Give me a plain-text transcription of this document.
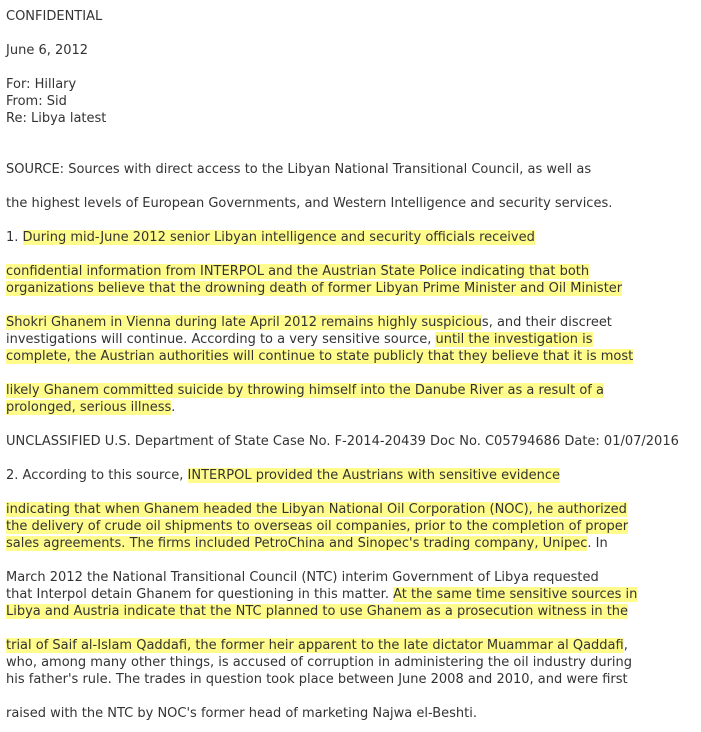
CONFIDENTIAL
June 6, 2012
For: Hillary
From: Sid
Re: Libya latest
SOURCE: Sources with direct access to the Libyan National Transitional Council, as well as
the highest levels of European Governments, and Western Intelligence and security services.
1. During mid-June 2012 senior Libyan intelligence and security officials received
confidential information from INTERPOL and the Austrian State Police indicating that both
organizations believe that the drowning death of former Libyan Prime Minister and Oil Minister
Shokri Ghanem in Vienna during late April 2012 remains highly suspicious, and their discreet
investigations will continue. According to a very sensitive source, until the investigation is
complete, the Austrian authorities will continue to state publicly that they believe that it is most
likely Ghanem committed suicide by throwing himself into the Danube River as a result of a
prolonged, serious illness.
UNCLASSIFIED U.S. Department of State Case No. F-2014-20439 Doc No. C05794686 Date: 01/07/2016
2. According to this source, INTERPOL provided the Austrians with sensitive evidence
indicating that when Ghanem headed the Libyan National Oil Corporation (NOC), he authorized
the delivery of crude oil shipments to overseas oil companies, prior to the completion of proper
sales agreements. The firms included PetroChina and Sinopec's trading company, Unipec. In
March 2012 the National Transitional Council (NTC) interim Government of Libya requested
that Interpol detain Ghanem for questioning in this matter. At the same time sensitive sources in
Libya and Austria indicate that the NTC planned to use Ghanem as a prosecution witness in the
trial of Saif al-Islam Qaddafi, the former heir apparent to the late dictator Muammar al Qaddafi,
who, among many other things, is accused of corruption in administering the oil industry during
his father's rule. The trades in question took place between June 2008 and 2010, and were first
raised with the NTC by NOC's former head of marketing Najwa el-Beshti.
